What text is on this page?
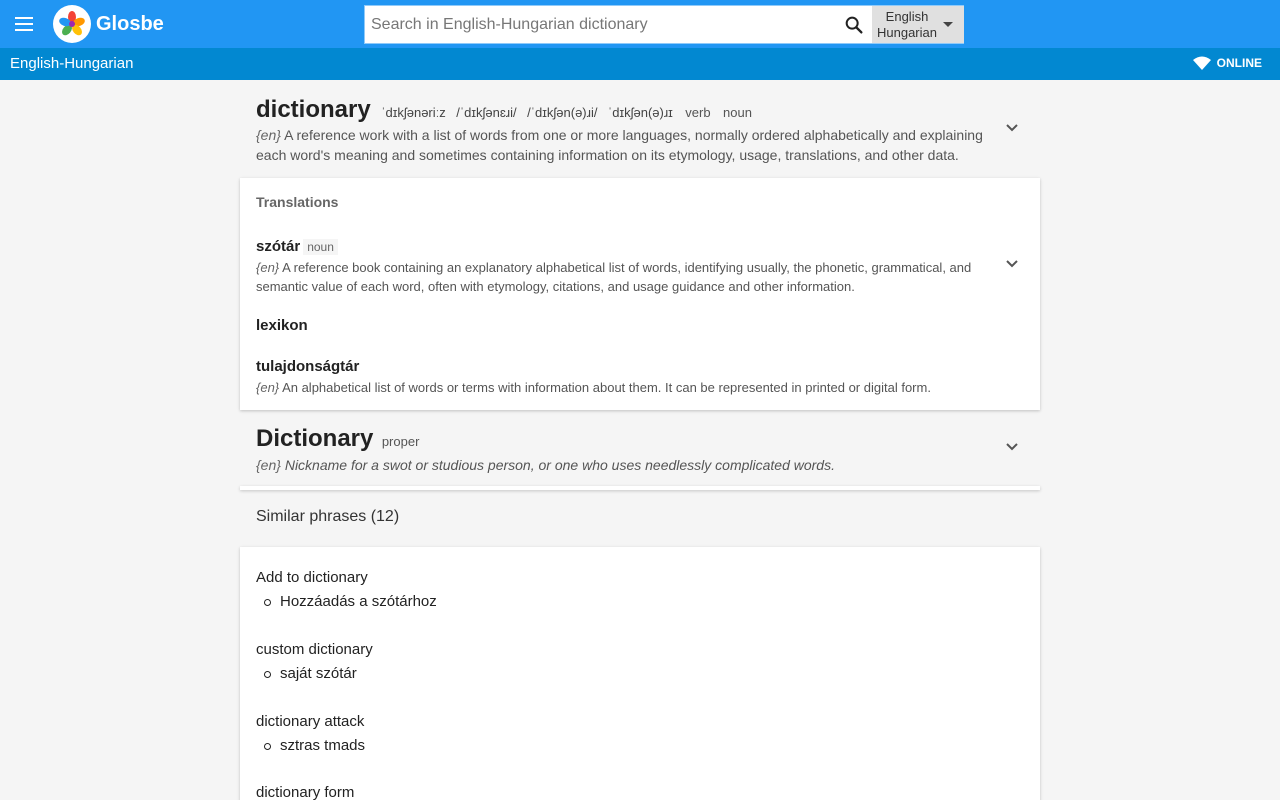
Glosbe
Search in English-Hungarian dictionary	English
Hungarian
English-Hungarian	ONLINE
dictionary ˈdɪkʃənəriːz /ˈdɪkʃənɛɹi/ /ˈdɪkʃən(ə)ɹi/ ˈdɪkʃən(ə)ɹɪ verb noun
{en} A reference work with a list of words from one or more languages, normally ordered alphabetically and explaining each word's meaning and sometimes containing information on its etymology, usage, translations, and other data.
Translations
szótár noun
{en} A reference book containing an explanatory alphabetical list of words, identifying usually, the phonetic, grammatical, and semantic value of each word, often with etymology, citations, and usage guidance and other information.
lexikon
tulajdonságtár
{en} An alphabetical list of words or terms with information about them. It can be represented in printed or digital form.
Dictionary proper
{en} Nickname for a swot or studious person, or one who uses needlessly complicated words.
Similar phrases (12)
Add to dictionary
Hozzáadás a szótárhoz
custom dictionary
saját szótár
dictionary attack
sztras tmads
dictionary form
